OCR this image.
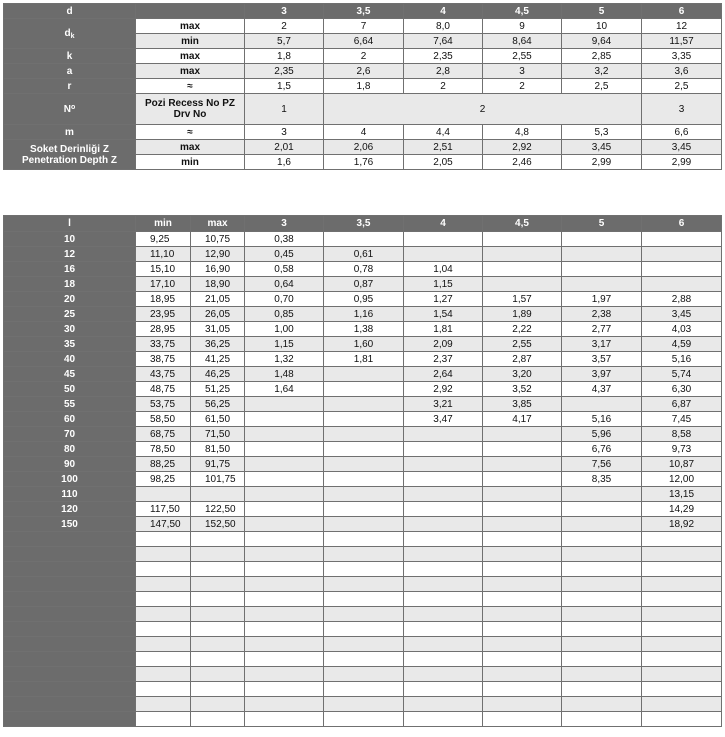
d		3	3,5	4	4,5	5	6
$d_k$	max	2	7	8,0	9	10	12
	min	5,7	6,64	7,64	8,64	9,64	11,57
k	max	1,8	2	2,35	2,55	2,85	3,35
a	max	2,35	2,6	2,8	3	3,2	3,6
r	≈	1,5	1,8	2	2	2,5	2,5
$N^o$	Pozi Recess No PZ Drv No	1	2				3
m	≈	3	4	4,4	4,8	5,3	6,6
Soket Derinliği Z Penetration Depth Z	max	2,01	2,06	2,51	2,92	3,45	3,45
	min	1,6	1,76	2,05	2,46	2,99	2,99
l	min	max	3	3,5	4	4,5	5	6
10	9,25	10,75	0,38					
12	11,10	12,90	0,45	0,61				
16	15,10	16,90	0,58	0,78	1,04			
18	17,10	18,90	0,64	0,87	1,15			
20	18,95	21,05	0,70	0,95	1,27	1,57	1,97	2,88
25	23,95	26,05	0,85	1,16	1,54	1,89	2,38	3,45
30	28,95	31,05	1,00	1,38	1,81	2,22	2,77	4,03
35	33,75	36,25	1,15	1,60	2,09	2,55	3,17	4,59
40	38,75	41,25	1,32	1,81	2,37	2,87	3,57	5,16
45	43,75	46,25	1,48		2,64	3,20	3,97	5,74
50	48,75	51,25	1,64		2,92	3,52	4,37	6,30
55	53,75	56,25			3,21	3,85		6,87
60	58,50	61,50			3,47	4,17	5,16	7,45
70	68,75	71,50					5,96	8,58
80	78,50	81,50					6,76	9,73
90	88,25	91,75					7,56	10,87
100	98,25	101,75					8,35	12,00
110								13,15
120	117,50	122,50						14,29
150	147,50	152,50						18,92
